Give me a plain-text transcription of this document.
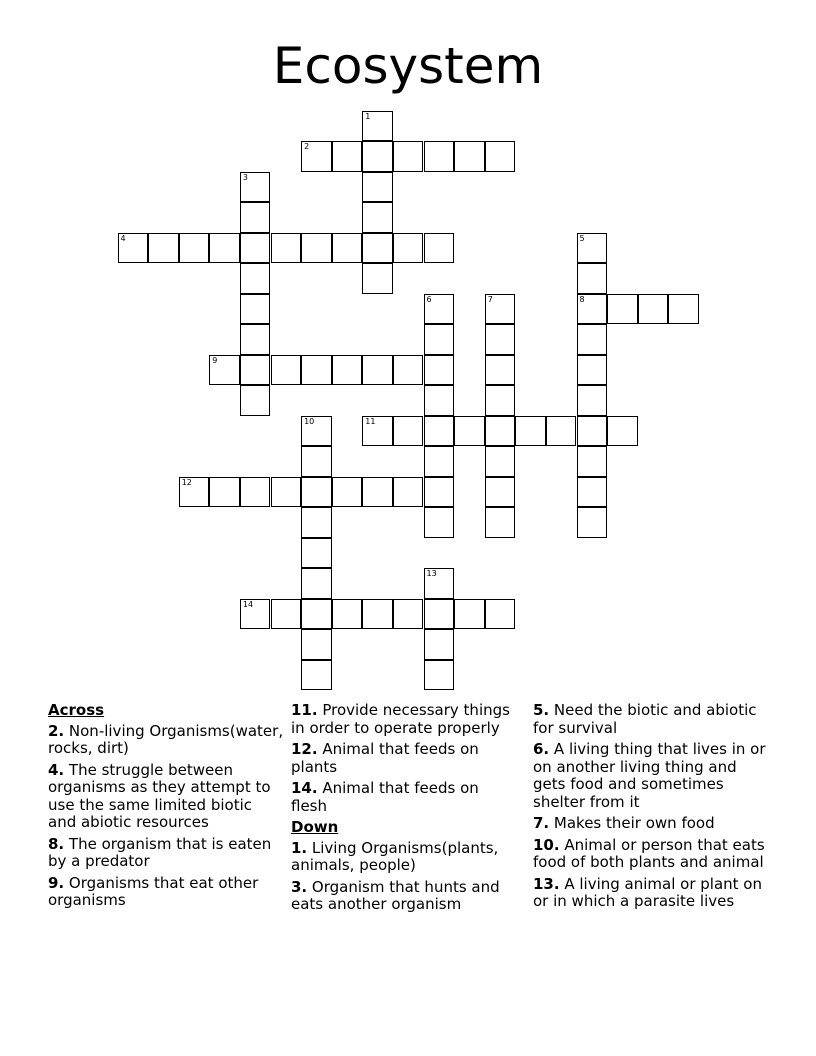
Ecosystem
1
2
3
4	5
8
6	7
9
10	11
12
13
14
Across
2. Non-living Organisms(water, rocks, dirt)
4. The struggle between organisms as they attempt to use the same limited biotic and abiotic resources
8. The organism that is eaten by a predator
9. Organisms that eat other organisms
11. Provide necessary things in order to operate properly
12. Animal that feeds on plants
14. Animal that feeds on flesh
Down
1. Living Organisms(plants, animals, people)
3. Organism that hunts and eats another organism
5. Need the biotic and abiotic for survival
6. A living thing that lives in or on another living thing and gets food and sometimes shelter from it
7. Makes their own food
10. Animal or person that eats food of both plants and animal
13. A living animal or plant on or in which a parasite lives
